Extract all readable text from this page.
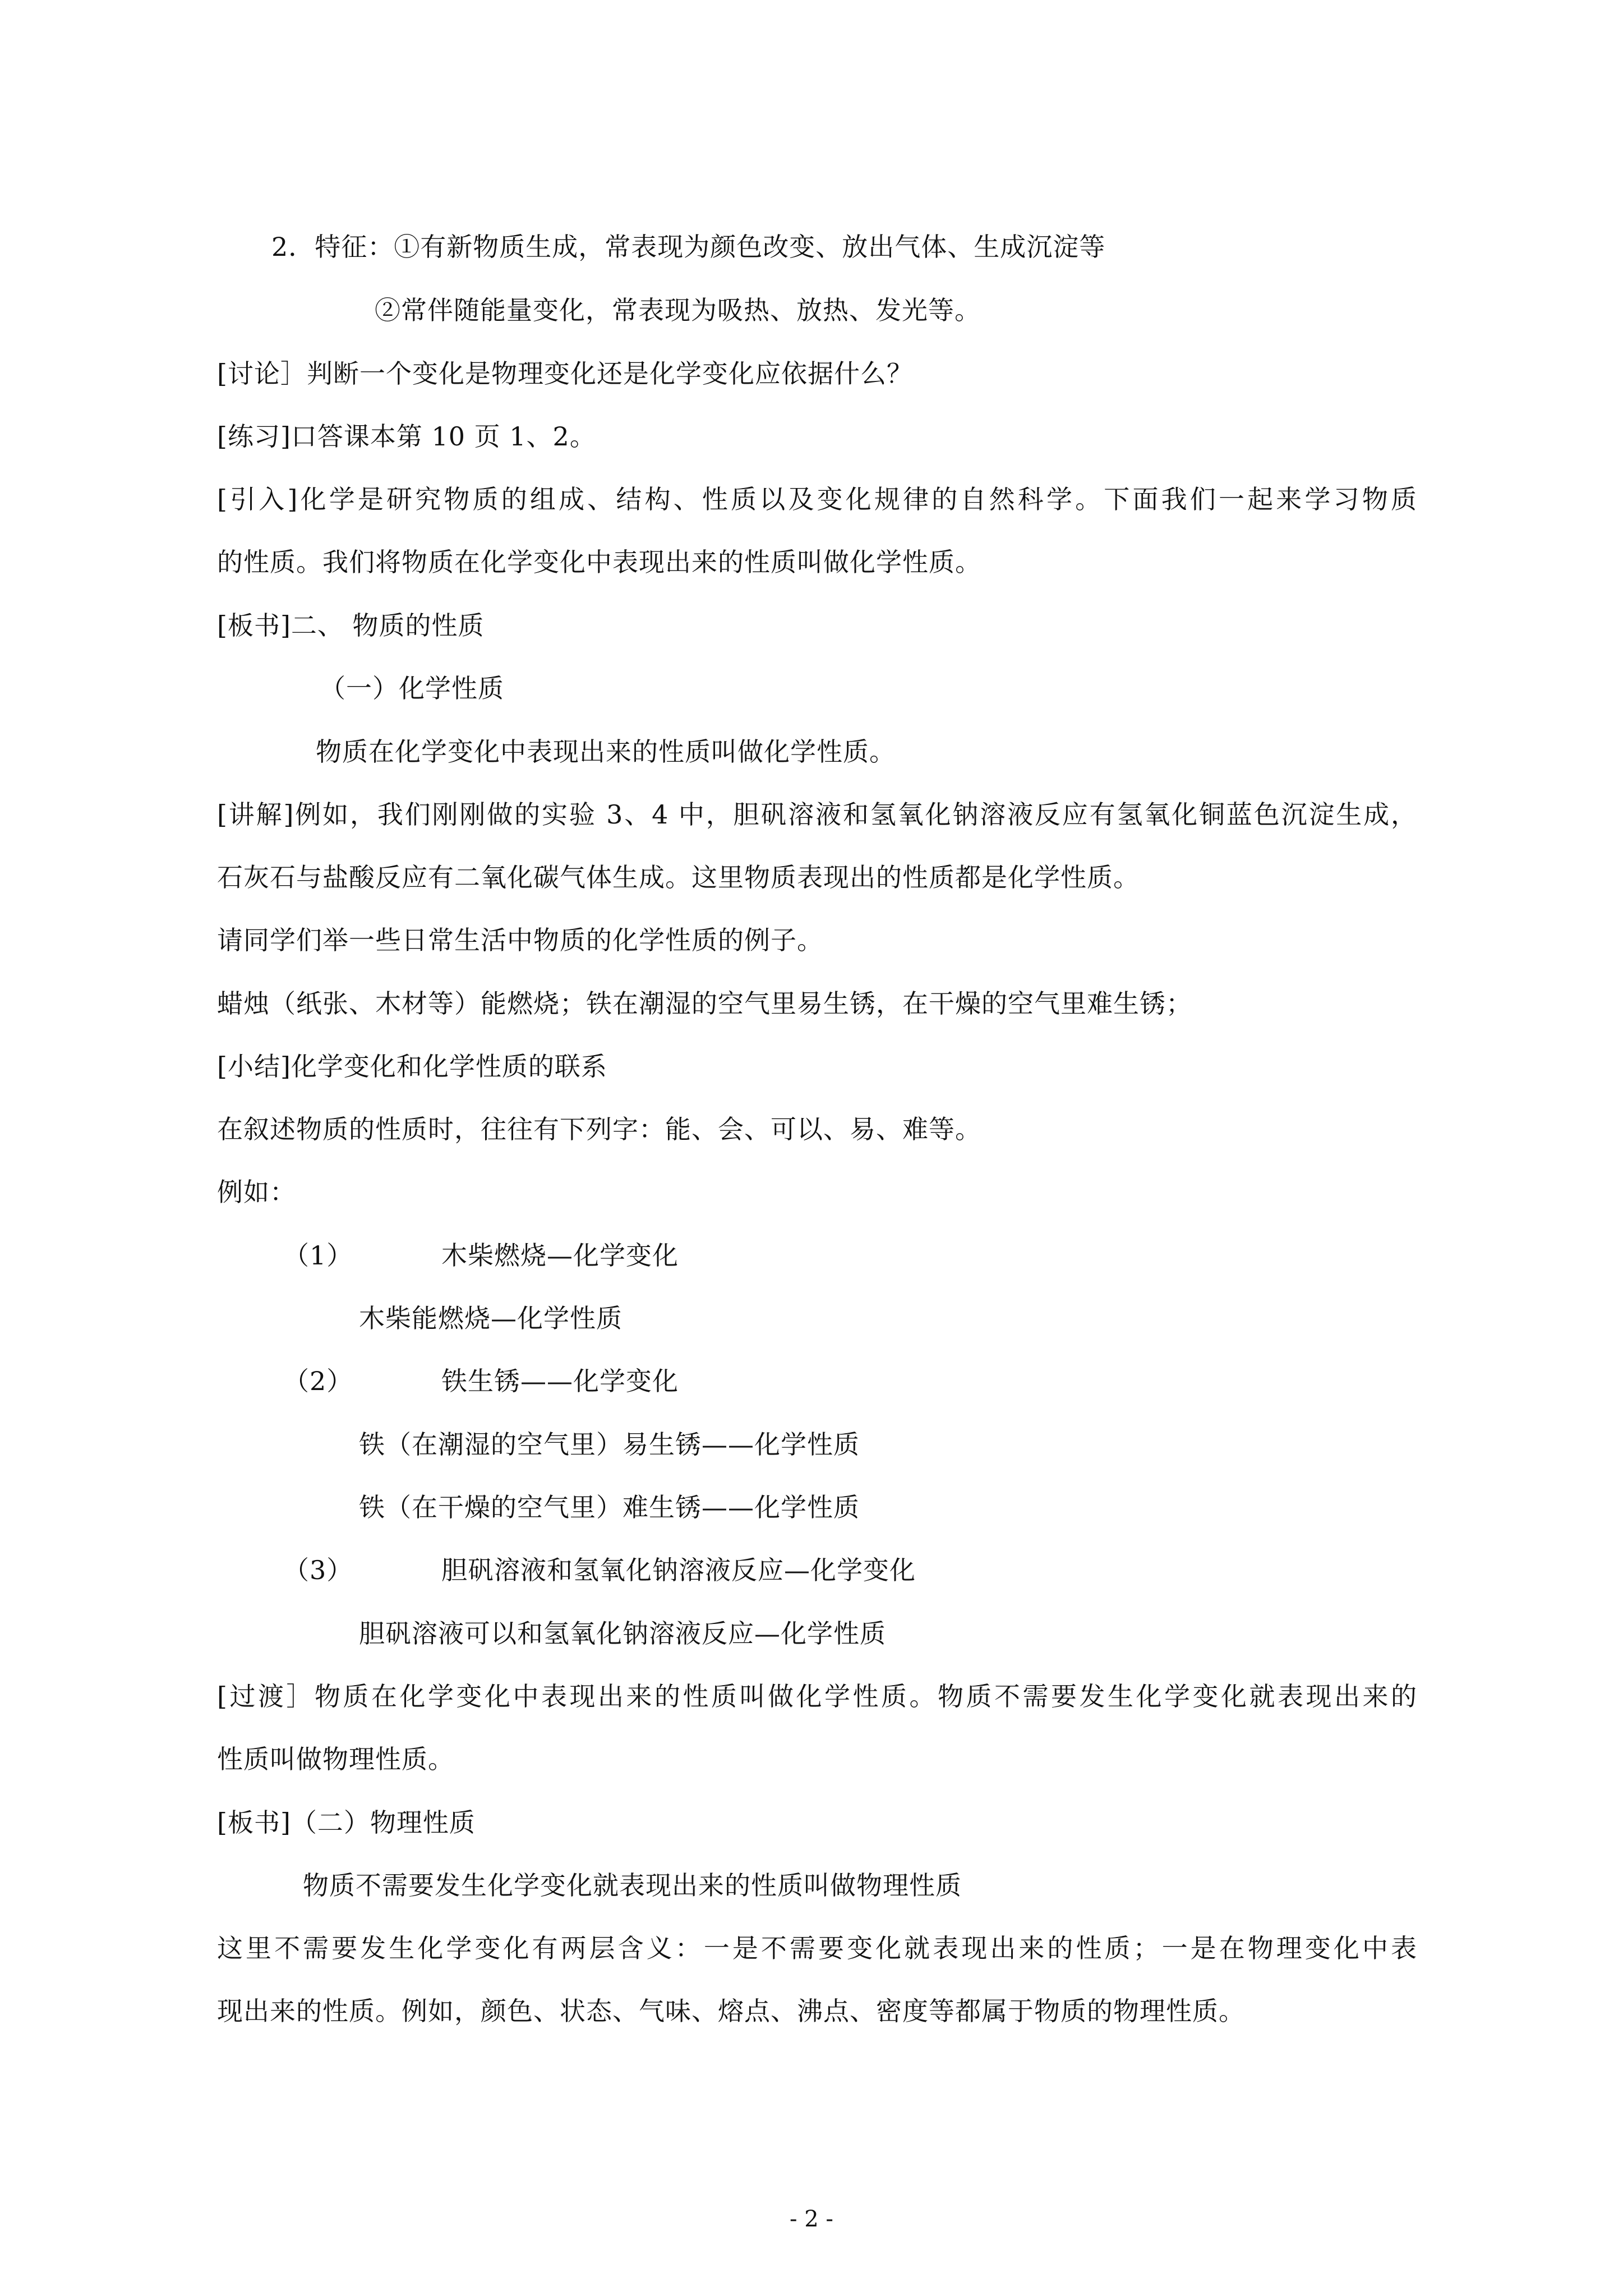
2．特征：①有新物质生成，常表现为颜色改变、放出气体、生成沉淀等
②常伴随能量变化，常表现为吸热、放热、发光等。
[讨论］判断一个变化是物理变化还是化学变化应依据什么？
[练习]口答课本第 10 页 1、2。
[引入]化学是研究物质的组成、结构、性质以及变化规律的自然科学。下面我们一起来学习物质
的性质。我们将物质在化学变化中表现出来的性质叫做化学性质。
[板书]二、 物质的性质
（一）化学性质
物质在化学变化中表现出来的性质叫做化学性质。
[讲解]例如，我们刚刚做的实验 3、4 中，胆矾溶液和氢氧化钠溶液反应有氢氧化铜蓝色沉淀生成，
石灰石与盐酸反应有二氧化碳气体生成。这里物质表现出的性质都是化学性质。
请同学们举一些日常生活中物质的化学性质的例子。
蜡烛（纸张、木材等）能燃烧；铁在潮湿的空气里易生锈，在干燥的空气里难生锈；
[小结]化学变化和化学性质的联系
在叙述物质的性质时，往往有下列字：能、会、可以、易、难等。
例如：
（1）	木柴燃烧—化学变化
木柴能燃烧—化学性质
（2）	铁生锈——化学变化
铁（在潮湿的空气里）易生锈——化学性质
铁（在干燥的空气里）难生锈——化学性质
（3）	胆矾溶液和氢氧化钠溶液反应—化学变化
胆矾溶液可以和氢氧化钠溶液反应—化学性质
[过渡］物质在化学变化中表现出来的性质叫做化学性质。物质不需要发生化学变化就表现出来的
性质叫做物理性质。
[板书]（二）物理性质
物质不需要发生化学变化就表现出来的性质叫做物理性质
这里不需要发生化学变化有两层含义：一是不需要变化就表现出来的性质；一是在物理变化中表
现出来的性质。例如，颜色、状态、气味、熔点、沸点、密度等都属于物质的物理性质。
- 2 -
